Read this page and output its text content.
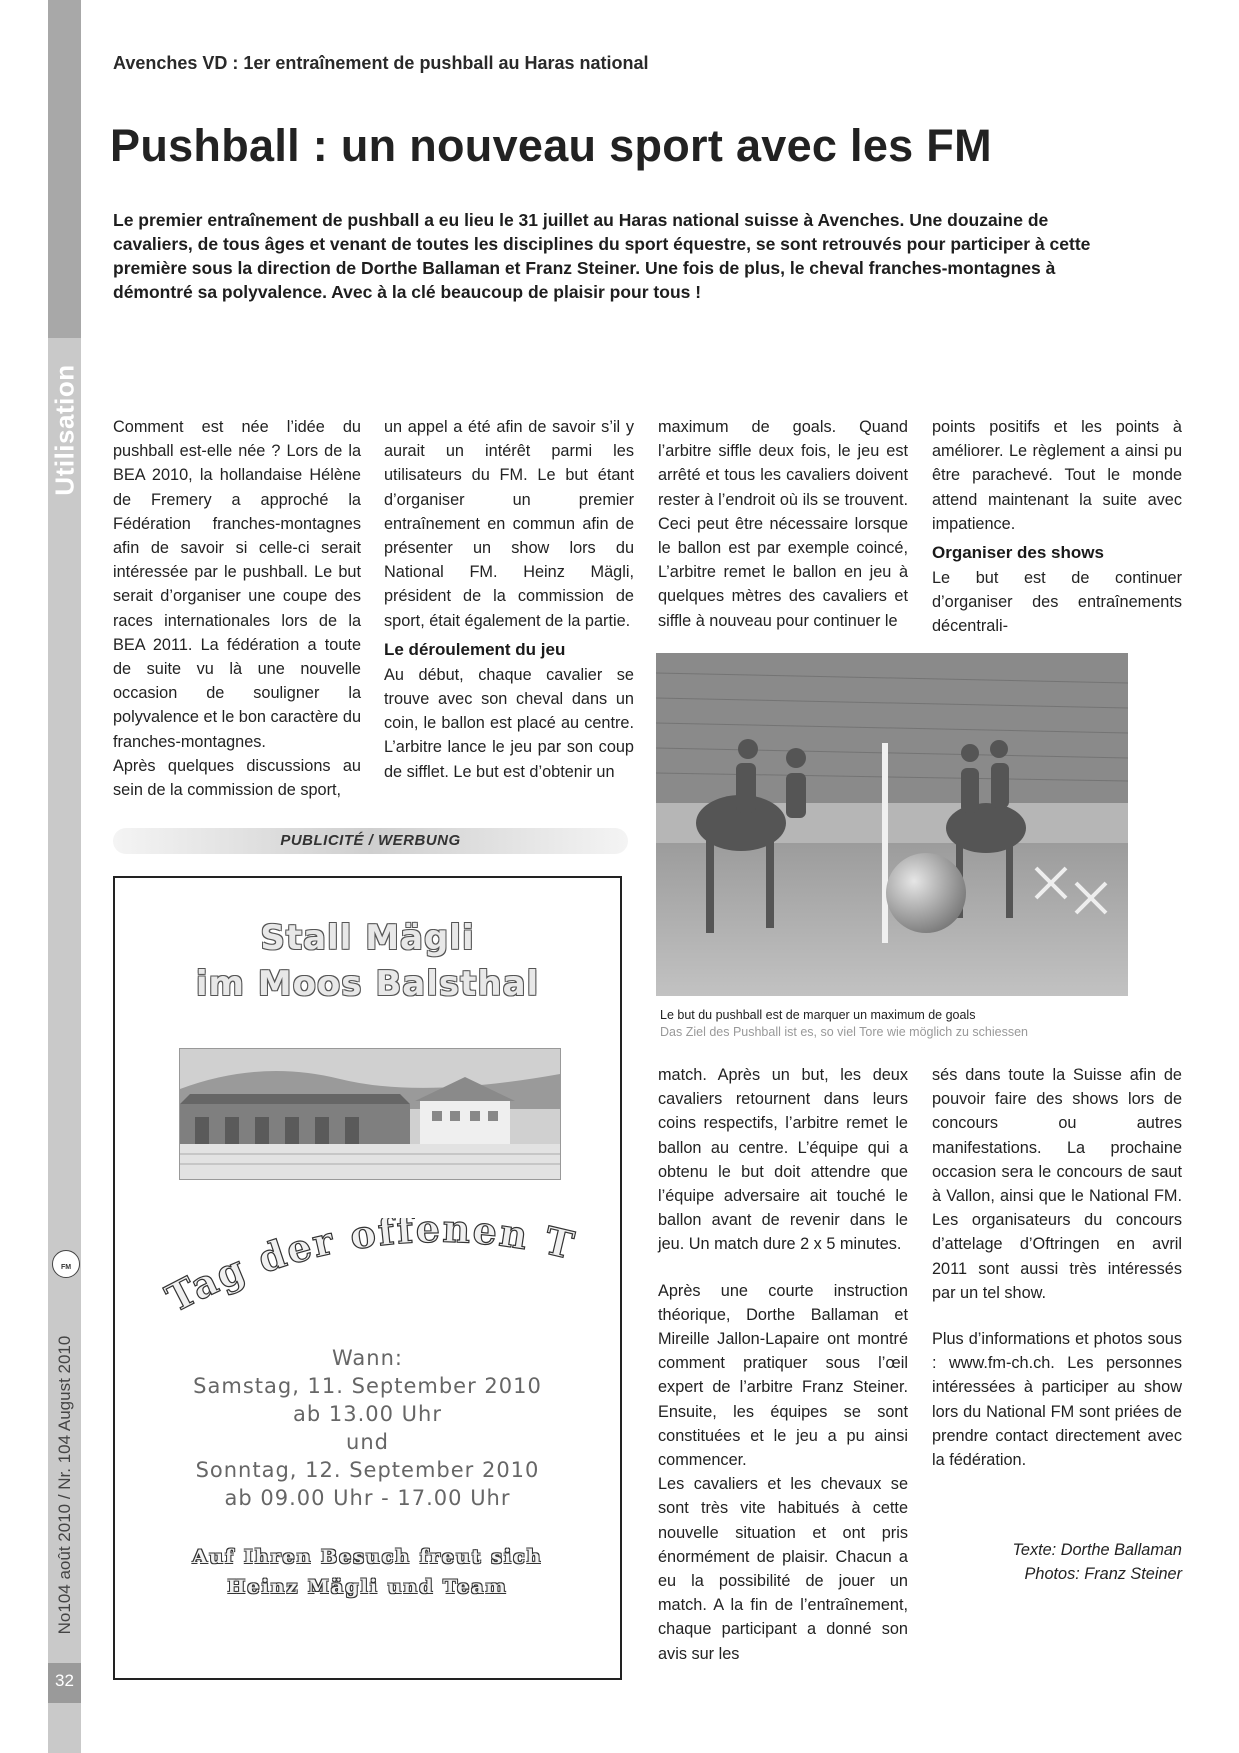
Utilisation
FM
No104 août 2010 / Nr. 104 August 2010
32
Avenches VD : 1er entraînement de pushball au Haras national
Pushball : un nouveau sport avec les FM
Le premier entraînement de pushball a eu lieu le 31 juillet au Haras national suisse à Avenches. Une douzaine de cavaliers, de tous âges et venant de toutes les disciplines du sport équestre, se sont retrouvés pour participer à cette première sous la direction de Dorthe Ballaman et Franz Steiner. Une fois de plus, le cheval franches-montagnes à démontré sa polyvalence. Avec à la clé beaucoup de plaisir pour tous !

Comment est née l’idée du pushball est-elle née ? Lors de la BEA 2010, la hollandaise Hélène de Fremery a approché la Fédération franches-montagnes afin de savoir si celle-ci serait intéressée par le pushball. Le but serait d’organiser une coupe des races internationales lors de la BEA 2011. La fédération a toute de suite vu là une nouvelle occasion de souligner la polyvalence et le bon caractère du franches-montagnes.

Après quelques discussions au sein de la commission de sport,

un appel a été afin de savoir s’il y aurait un intérêt parmi les utilisateurs du FM. Le but étant d’organiser un premier entraînement en commun afin de présenter un show lors du National FM. Heinz Mägli, président de la commission de sport, était également de la partie.

Le déroulement du jeu

Au début, chaque cavalier se trouve avec son cheval dans un coin, le ballon est placé au centre. L’arbitre lance le jeu par son coup de sifflet. Le but est d’obtenir un

maximum de goals. Quand l’arbitre siffle deux fois, le jeu est arrêté et tous les cavaliers doivent rester à l’endroit où ils se trouvent. Ceci peut être nécessaire lorsque le ballon est par exemple coincé, L’arbitre remet le ballon en jeu à quelques mètres des cavaliers et siffle à nouveau pour continuer le

points positifs et les points à améliorer. Le règlement a ainsi pu être parachevé. Tout le monde attend maintenant la suite avec impatience.

Organiser des shows

Le but est de continuer d’organiser des entraînements décentrali-

Le but du pushball est de marquer un maximum de goals
Das Ziel des Pushball ist es, so viel Tore wie möglich zu schiessen

match. Après un but, les deux cavaliers retournent dans leurs coins respectifs, l’arbitre remet le ballon au centre. L’équipe qui a obtenu le but doit attendre que l’équipe adversaire ait touché le ballon avant de revenir dans le jeu. Un match dure 2 x 5 minutes.

Après une courte instruction théorique, Dorthe Ballaman et Mireille Jallon-Lapaire ont montré comment pratiquer sous l’œil expert de l’arbitre Franz Steiner. Ensuite, les équipes se sont constituées et le jeu a pu ainsi commencer.

Les cavaliers et les chevaux se sont très vite habitués à cette nouvelle situation et ont pris énormément de plaisir. Chacun a eu la possibilité de jouer un match. A la fin de l’entraînement, chaque participant a donné son avis sur les

sés dans toute la Suisse afin de pouvoir faire des shows lors de concours ou autres manifestations. La prochaine occasion sera le concours de saut à Vallon, ainsi que le National FM. Les organisateurs du concours d’attelage d’Oftringen en avril 2011 sont aussi très intéressés par un tel show.

Plus d’informations et photos sous : www.fm-ch.ch. Les personnes intéressées à participer au show lors du National FM sont priées de prendre contact directement avec la fédération.

Texte: Dorthe Ballaman
Photos: Franz Steiner
PUBLICITÉ / WERBUNG
Stall Mägli
im Moos Balsthal
Tag der offenen T
Wann:
Samstag, 11. September 2010
ab 13.00 Uhr
und
Sonntag, 12. September 2010
ab 09.00 Uhr - 17.00 Uhr
Auf Ihren Besuch freut sich
Heinz Mägli und Team
